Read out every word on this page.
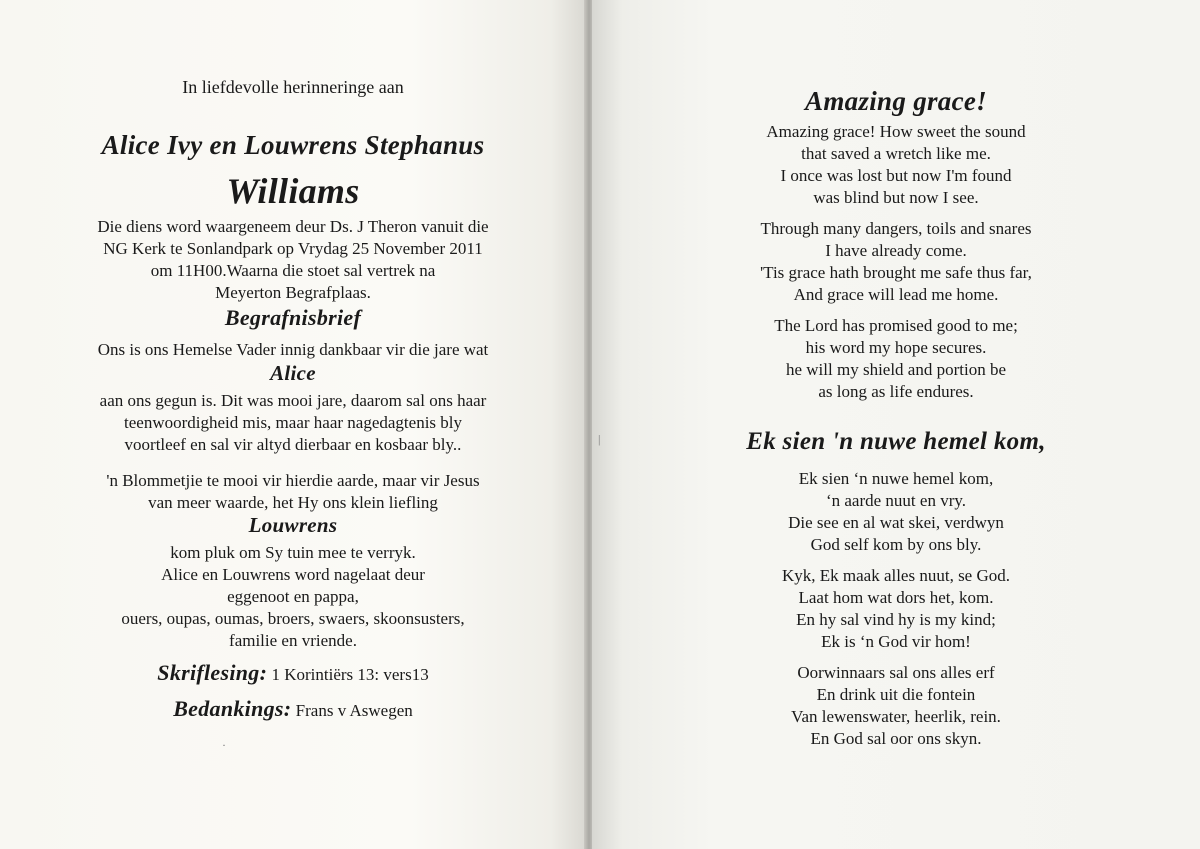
In liefdevolle herinneringe aan
Alice Ivy en Louwrens Stephanus
Williams
Die diens word waargeneem deur Ds. J Theron vanuit die
NG Kerk te Sonlandpark op Vrydag 25 November 2011
om 11H00.Waarna die stoet sal vertrek na
Meyerton Begrafplaas.
Begrafnisbrief
Ons is ons Hemelse Vader innig dankbaar vir die jare wat
Alice
aan ons gegun is. Dit was mooi jare, daarom sal ons haar
teenwoordigheid mis, maar haar nagedagtenis bly
voortleef en sal vir altyd dierbaar en kosbaar bly..
'n Blommetjie te mooi vir hierdie aarde, maar vir Jesus
van meer waarde, het Hy ons klein liefling
Louwrens
kom pluk om Sy tuin mee te verryk.
Alice en Louwrens word nagelaat deur
eggenoot en pappa,
ouers, oupas, oumas, broers, swaers, skoonsusters,
familie en vriende.
Skriflesing: 1 Korintiërs 13: vers13
Bedankings: Frans v Aswegen
·
Amazing grace!
Amazing grace! How sweet the sound
that saved a wretch like me.
I once was lost but now I'm found
was blind but now I see.
Through many dangers, toils and snares
I have already come.
'Tis grace hath brought me safe thus far,
And grace will lead me home.
The Lord has promised good to me;
his word my hope secures.
he will my shield and portion be
as long as life endures.
Ek sien 'n nuwe hemel kom,
Ek sien ‘n nuwe hemel kom,
‘n aarde nuut en vry.
Die see en al wat skei, verdwyn
God self kom by ons bly.
Kyk, Ek maak alles nuut, se God.
Laat hom wat dors het, kom.
En hy sal vind hy is my kind;
Ek is ‘n God vir hom!
Oorwinnaars sal ons alles erf
En drink uit die fontein
Van lewenswater, heerlik, rein.
En God sal oor ons skyn.
|
